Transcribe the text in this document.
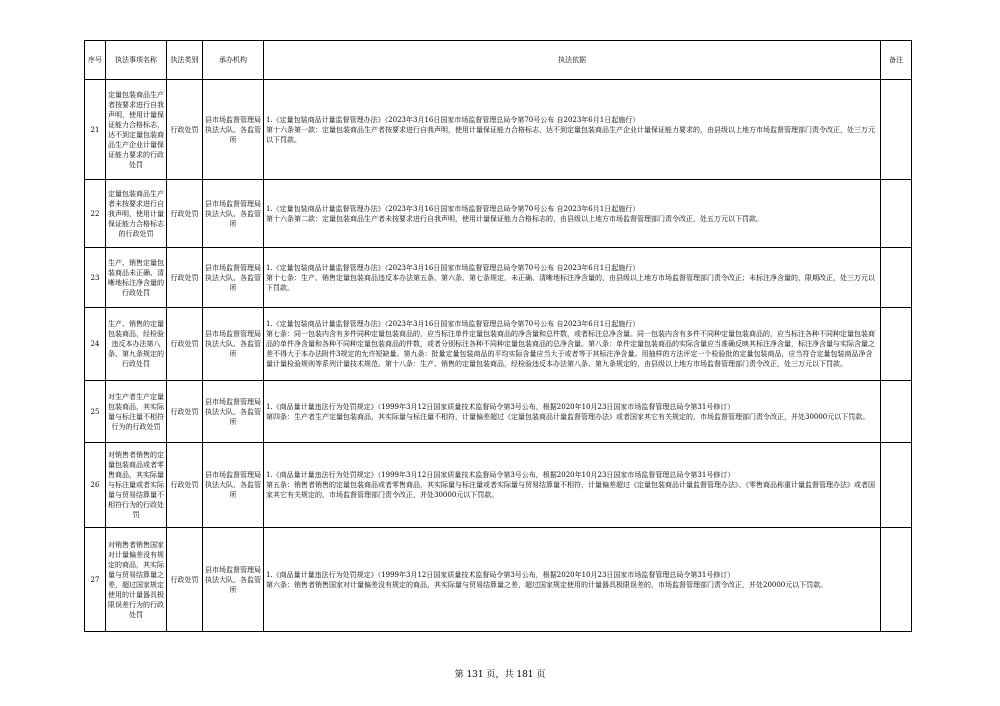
序号	执法事项名称	执法类别	承办机构	执法依据	备注
21	定量包装商品生产者按要求进行自我声明，使用计量保证能力合格标志，达不到定量包装商品生产企业计量保证能力要求的行政处罚	行政处罚	县市场监督管理局执法大队、各监管所	1.《定量包装商品计量监督管理办法》（2023年3月16日国家市场监督管理总局令第70号公布 自2023年6月1日起施行）
第十六条第一款：定量包装商品生产者按要求进行自我声明，使用计量保证能力合格标志，达不到定量包装商品生产企业计量保证能力要求的，由县级以上地方市场监督管理部门责令改正，处三万元以下罚款。	
22	定量包装商品生产者未按要求进行自我声明，使用计量保证能力合格标志的行政处罚	行政处罚	县市场监督管理局执法大队、各监管所	1.《定量包装商品计量监督管理办法》（2023年3月16日国家市场监督管理总局令第70号公布 自2023年6月1日起施行）
第十六条第二款：定量包装商品生产者未按要求进行自我声明，使用计量保证能力合格标志的，由县级以上地方市场监督管理部门责令改正，处五万元以下罚款。	
23	生产、销售定量包装商品未正确、清晰地标注净含量的行政处罚	行政处罚	县市场监督管理局执法大队、各监管所	1.《定量包装商品计量监督管理办法》（2023年3月16日国家市场监督管理总局令第70号公布 自2023年6月1日起施行）
第十七条：生产、销售定量包装商品违反本办法第五条、第六条、第七条规定，未正确、清晰地标注净含量的，由县级以上地方市场监督管理部门责令改正；未标注净含量的，限期改正，处三万元以下罚款。	
24	生产、销售的定量包装商品，经检验违反本办法第八条、第九条规定的行政处罚	行政处罚	县市场监督管理局执法大队、各监管所	1.《定量包装商品计量监督管理办法》（2023年3月16日国家市场监督管理总局令第70号公布 自2023年6月1日起施行）
第七条：同一包装内含有多件同种定量包装商品的，应当标注单件定量包装商品的净含量和总件数，或者标注总净含量。同一包装内含有多件不同种定量包装商品的，应当标注各种不同种定量包装商品的单件净含量和各种不同种定量包装商品的件数，或者分别标注各种不同种定量包装商品的总净含量。第八条：单件定量包装商品的实际含量应当准确反映其标注净含量，标注净含量与实际含量之差不得大于本办法附件3规定的允许短缺量。第九条：批量定量包装商品的平均实际含量应当大于或者等于其标注净含量。用抽样的方法评定一个检验批的定量包装商品，应当符合定量包装商品净含量计量检验规则等系列计量技术规范。第十八条：生产、销售的定量包装商品，经检验违反本办法第八条、第九条规定的，由县级以上地方市场监督管理部门责令改正，处三万元以下罚款。	
25	对生产者生产定量包装商品，其实际量与标注量不相符行为的行政处罚	行政处罚	县市场监督管理局执法大队、各监管所	1.《商品量计量违法行为处罚规定》（1999年3月12日国家质量技术监督局令第3号公布，根据2020年10月23日国家市场监督管理总局令第31号修订）
第四条：生产者生产定量包装商品，其实际量与标注量不相符，计量偏差超过《定量包装商品计量监督管理办法》或者国家其它有关规定的，市场监督管理部门责令改正，并处30000元以下罚款。	
26	对销售者销售的定量包装商品或者零售商品，其实际量与标注量或者实际量与贸易结算量不相符行为的行政处罚	行政处罚	县市场监督管理局执法大队、各监管所	1.《商品量计量违法行为处罚规定》（1999年3月12日国家质量技术监督局令第3号公布，根据2020年10月23日国家市场监督管理总局令第31号修订）
第五条：销售者销售的定量包装商品或者零售商品，其实际量与标注量或者实际量与贸易结算量不相符，计量偏差超过《定量包装商品计量监督管理办法》、《零售商品称重计量监督管理办法》或者国家其它有关规定的，市场监督管理部门责令改正，并处30000元以下罚款。	
27	对销售者销售国家对计量偏差没有规定的商品，其实际量与贸易结算量之差，超过国家规定使用的计量器具极限误差行为的行政处罚	行政处罚	县市场监督管理局执法大队、各监管所	1.《商品量计量违法行为处罚规定》（1999年3月12日国家质量技术监督局令第3号公布，根据2020年10月23日国家市场监督管理总局令第31号修订）
第六条：销售者销售国家对计量偏差没有规定的商品，其实际量与贸易结算量之差，超过国家规定使用的计量器具极限误差的，市场监督管理部门责令改正，并处20000元以下罚款。	
第 131 页，共 181 页
